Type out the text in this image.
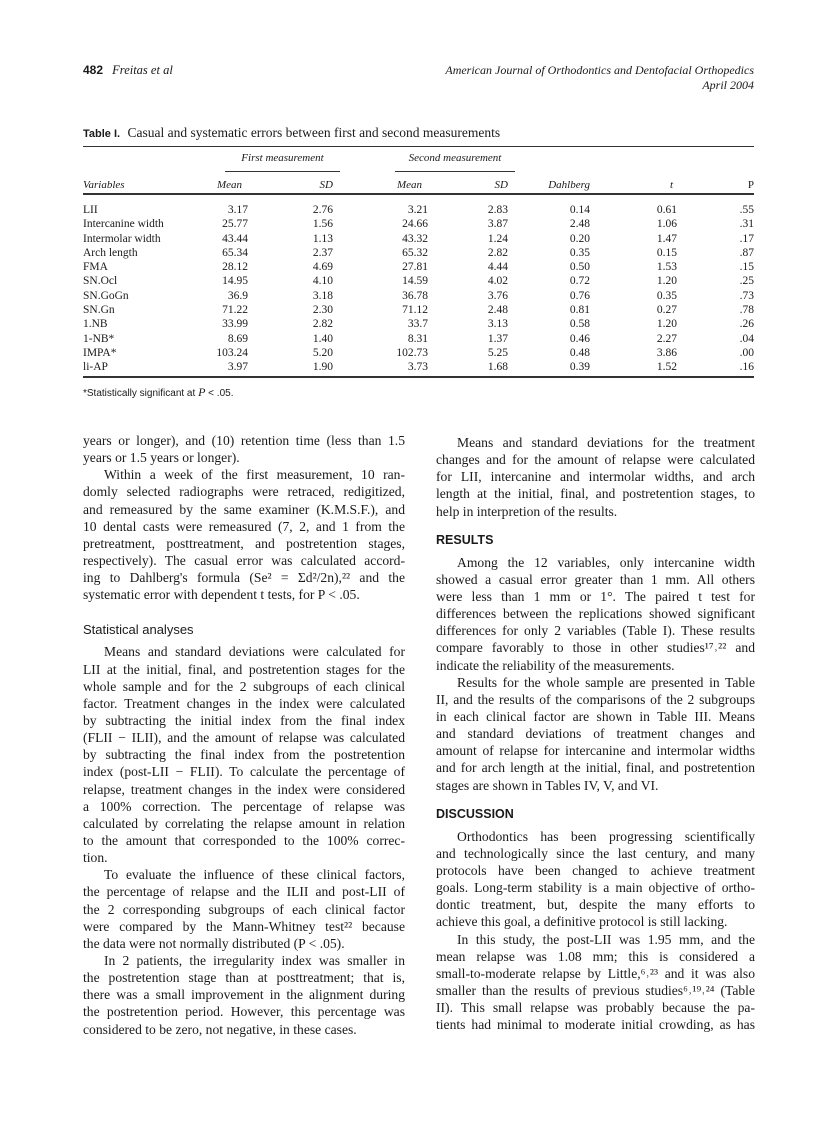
482 Freitas et al	American Journal of Orthodontics and Dentofacial Orthopedics
April 2004
Table I. Casual and systematic errors between first and second measurements
First measurement	Second measurement
Variables	Mean	SD	Mean	SD	Dahlberg	t	P
LII	3.17	2.76	3.21	2.83	0.14	0.61	.55
Intercanine width	25.77	1.56	24.66	3.87	2.48	1.06	.31
Intermolar width	43.44	1.13	43.32	1.24	0.20	1.47	.17
Arch length	65.34	2.37	65.32	2.82	0.35	0.15	.87
FMA	28.12	4.69	27.81	4.44	0.50	1.53	.15
SN.Ocl	14.95	4.10	14.59	4.02	0.72	1.20	.25
SN.GoGn	36.9	3.18	36.78	3.76	0.76	0.35	.73
SN.Gn	71.22	2.30	71.12	2.48	0.81	0.27	.78
1.NB	33.99	2.82	33.7	3.13	0.58	1.20	.26
1-NB*	8.69	1.40	8.31	1.37	0.46	2.27	.04
IMPA*	103.24	5.20	102.73	5.25	0.48	3.86	.00
li-AP	3.97	1.90	3.73	1.68	0.39	1.52	.16
*Statistically significant at P < .05.
years or longer), and (10) retention time (less than 1.5
years or 1.5 years or longer).
Within a week of the first measurement, 10 ran-
domly selected radiographs were retraced, redigitized,
and remeasured by the same examiner (K.M.S.F.), and
10 dental casts were remeasured (7, 2, and 1 from the
pretreatment, posttreatment, and postretention stages,
respectively). The casual error was calculated accord-
ing to Dahlberg's formula (Se² = Σd²/2n),²² and the
systematic error with dependent t tests, for P < .05.
Statistical analyses
Means and standard deviations were calculated for
LII at the initial, final, and postretention stages for the
whole sample and for the 2 subgroups of each clinical
factor. Treatment changes in the index were calculated
by subtracting the initial index from the final index
(FLII − ILII), and the amount of relapse was calculated
by subtracting the final index from the postretention
index (post-LII − FLII). To calculate the percentage of
relapse, treatment changes in the index were considered
a 100% correction. The percentage of relapse was
calculated by correlating the relapse amount in relation
to the amount that corresponded to the 100% correc-
tion.
To evaluate the influence of these clinical factors,
the percentage of relapse and the ILII and post-LII of
the 2 corresponding subgroups of each clinical factor
were compared by the Mann-Whitney test²² because
the data were not normally distributed (P < .05).
In 2 patients, the irregularity index was smaller in
the postretention stage than at posttreatment; that is,
there was a small improvement in the alignment during
the postretention period. However, this percentage was
considered to be zero, not negative, in these cases.
Means and standard deviations for the treatment
changes and for the amount of relapse were calculated
for LII, intercanine and intermolar widths, and arch
length at the initial, final, and postretention stages, to
help in interpretion of the results.
RESULTS
Among the 12 variables, only intercanine width
showed a casual error greater than 1 mm. All others
were less than 1 mm or 1°. The paired t test for
differences between the replications showed significant
differences for only 2 variables (Table I). These results
compare favorably to those in other studies¹⁷˒²² and
indicate the reliability of the measurements.
Results for the whole sample are presented in Table
II, and the results of the comparisons of the 2 subgroups
in each clinical factor are shown in Table III. Means
and standard deviations of treatment changes and
amount of relapse for intercanine and intermolar widths
and for arch length at the initial, final, and postretention
stages are shown in Tables IV, V, and VI.
DISCUSSION
Orthodontics has been progressing scientifically
and technologically since the last century, and many
protocols have been changed to achieve treatment
goals. Long-term stability is a main objective of ortho-
dontic treatment, but, despite the many efforts to
achieve this goal, a definitive protocol is still lacking.
In this study, the post-LII was 1.95 mm, and the
mean relapse was 1.08 mm; this is considered a
small-to-moderate relapse by Little,⁶˒²³ and it was also
smaller than the results of previous studies⁶˒¹⁹˒²⁴ (Table
II). This small relapse was probably because the pa-
tients had minimal to moderate initial crowding, as has
